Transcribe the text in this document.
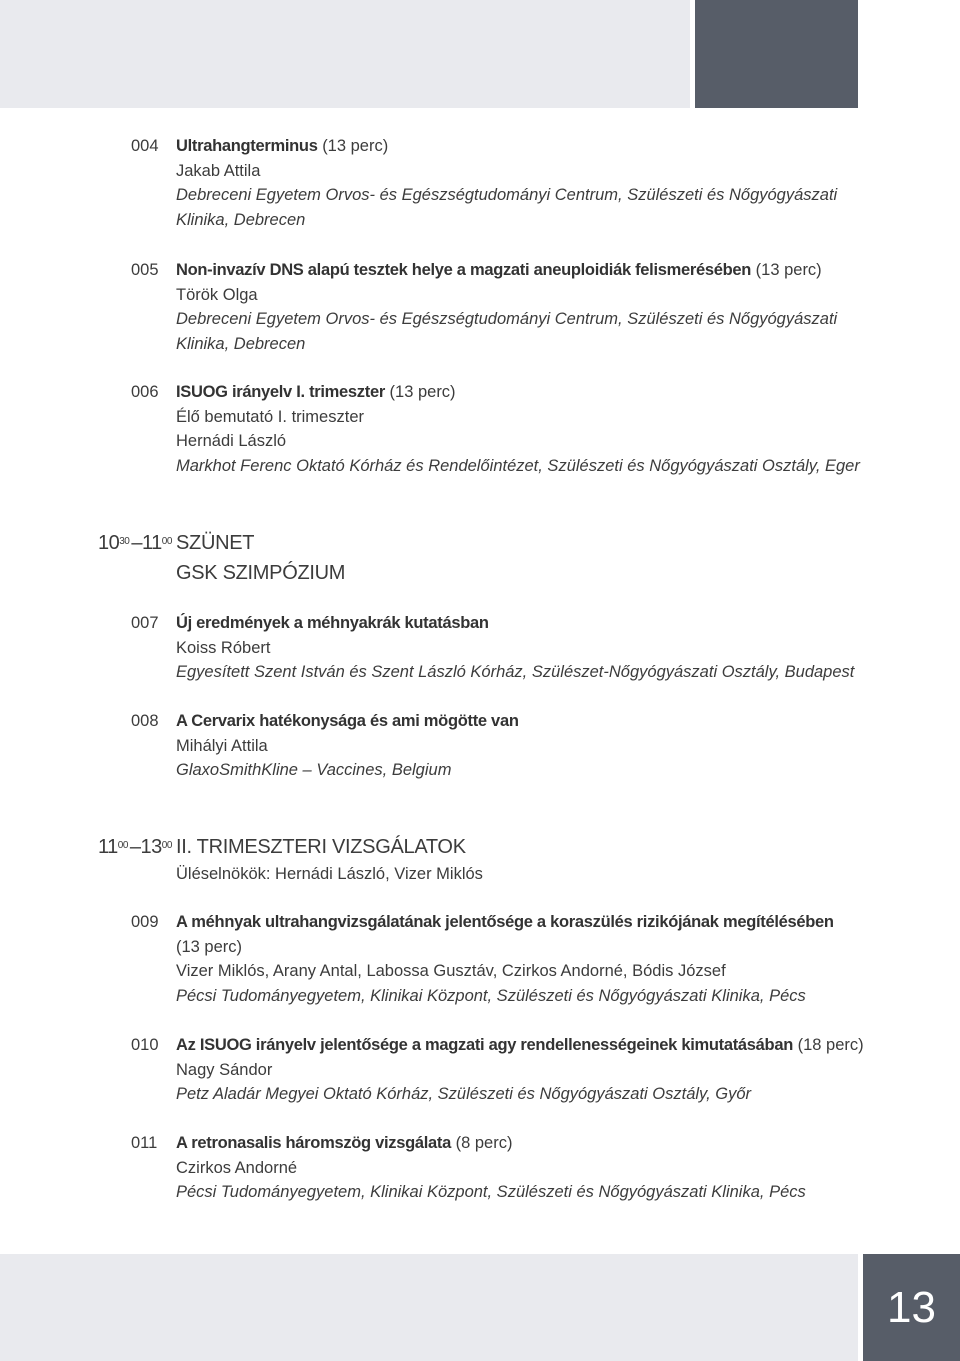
004 Ultrahangterminus (13 perc)
Jakab Attila
Debreceni Egyetem Orvos- és Egészségtudományi Centrum, Szülészeti és Nőgyógyászati
Klinika, Debrecen
005 Non-invazív DNS alapú tesztek helye a magzati aneuploidiák felismerésében (13 perc)
Török Olga
Debreceni Egyetem Orvos- és Egészségtudományi Centrum, Szülészeti és Nőgyógyászati
Klinika, Debrecen
006 ISUOG irányelv I. trimeszter (13 perc)
Élő bemutató I. trimeszter
Hernádi László
Markhot Ferenc Oktató Kórház és Rendelőintézet, Szülészeti és Nőgyógyászati Osztály, Eger
$10^{30}$ $-11^{00}$ SZÜNET
GSK SZIMPÓZIUM
007 Új eredmények a méhnyakrák kutatásban
Koiss Róbert
Egyesített Szent István és Szent László Kórház, Szülészet-Nőgyógyászati Osztály, Budapest
008 A Cervarix hatékonysága és ami mögötte van
Mihályi Attila
GlaxoSmithKline – Vaccines, Belgium
$11^{00}$ $-13^{00}$ II. TRIMESZTERI VIZSGÁLATOK
Üléselnökök: Hernádi László, Vizer Miklós
009 A méhnyak ultrahangvizsgálatának jelentősége a koraszülés rizikójának megítélésében
(13 perc)
Vizer Miklós, Arany Antal, Labossa Gusztáv, Czirkos Andorné, Bódis József
Pécsi Tudományegyetem, Klinikai Központ, Szülészeti és Nőgyógyászati Klinika, Pécs
010 Az ISUOG irányelv jelentősége a magzati agy rendellenességeinek kimutatásában (18 perc)
Nagy Sándor
Petz Aladár Megyei Oktató Kórház, Szülészeti és Nőgyógyászati Osztály, Győr
011 A retronasalis háromszög vizsgálata (8 perc)
Czirkos Andorné
Pécsi Tudományegyetem, Klinikai Központ, Szülészeti és Nőgyógyászati Klinika, Pécs
13
